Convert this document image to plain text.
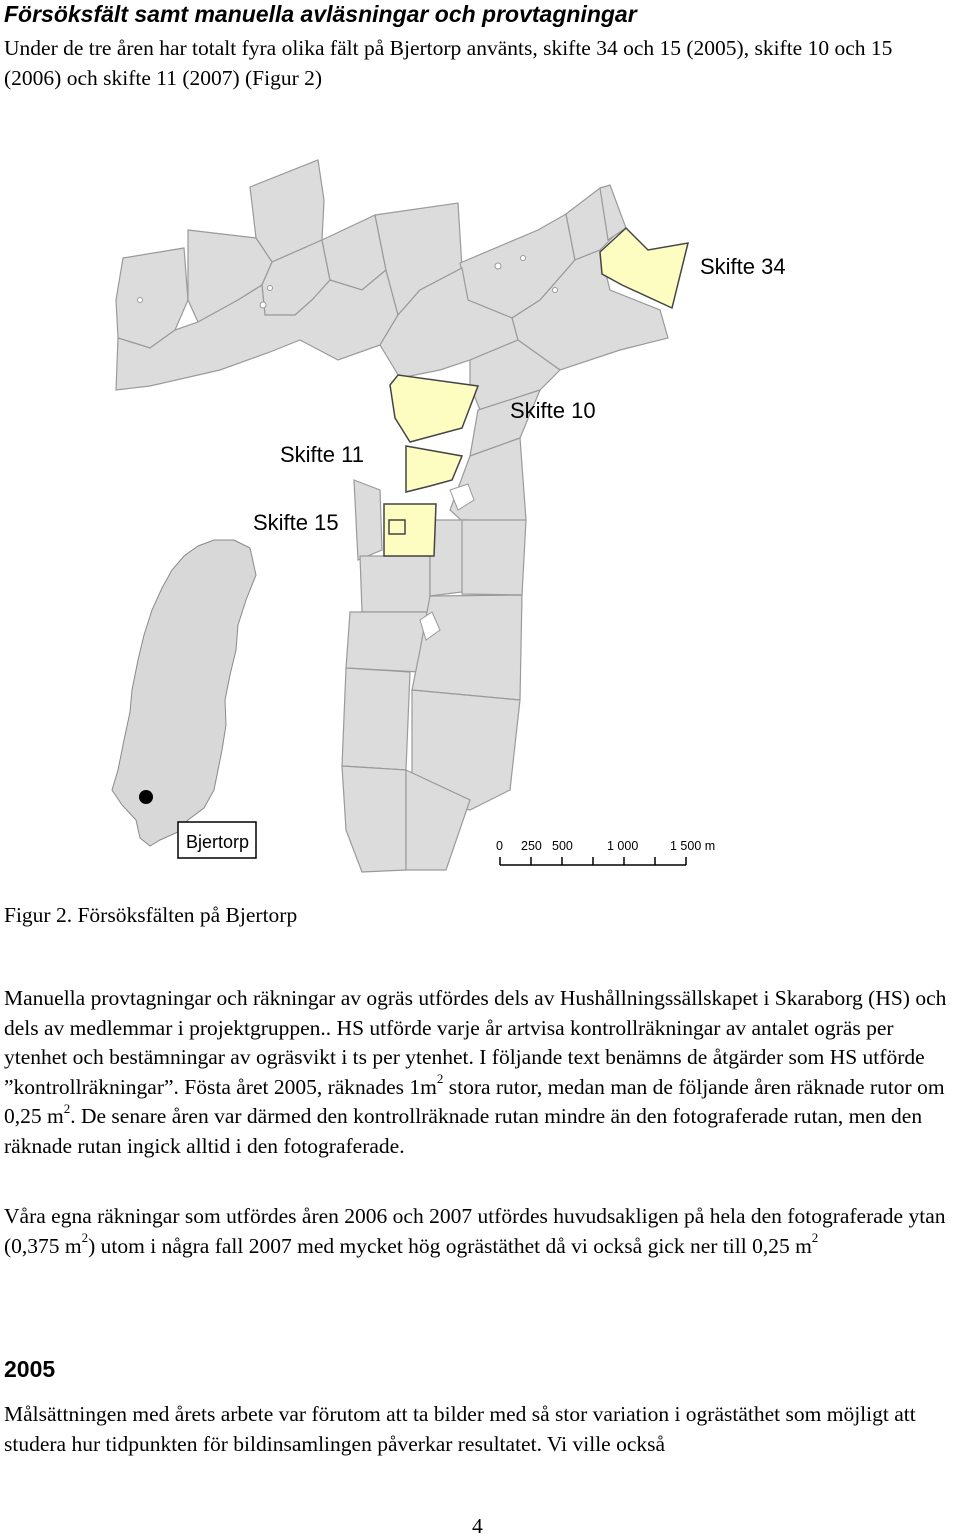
Försöksfält samt manuella avläsningar och provtagningar

Under de tre åren har totalt fyra olika fält på Bjertorp använts, skifte 34 och 15 (2005), skifte 10 och 15 (2006) och skifte 11 (2007) (Figur 2)

Bjertorp
Skifte 34
Skifte 10
Skifte 11
Skifte 15
0 250 500	1 000	1 500 m

Figur 2. Försöksfälten på Bjertorp

Manuella provtagningar och räkningar av ogräs utfördes dels av Hushållningssällskapet i Skaraborg (HS) och dels av medlemmar i projektgruppen.. HS utförde varje år artvisa kontrollräkningar av antalet ogräs per ytenhet och bestämningar av ogräsvikt i ts per ytenhet. I följande text benämns de åtgärder som HS utförde ”kontrollräkningar”. Fösta året 2005, räknades $1m^2$ stora rutor, medan man de följande åren räknade rutor om 0,25 $m^2$. De senare åren var därmed den kontrollräknade rutan mindre än den fotograferade rutan, men den räknade rutan ingick alltid i den fotograferade.

Våra egna räkningar som utfördes åren 2006 och 2007 utfördes huvudsakligen på hela den fotograferade ytan (0,375 $m^2$) utom i några fall 2007 med mycket hög ogrästäthet då vi också gick ner till 0,25 $m^2$

2005

Målsättningen med årets arbete var förutom att ta bilder med så stor variation i ogrästäthet som möjligt att studera hur tidpunkten för bildinsamlingen påverkar resultatet. Vi ville också

4
